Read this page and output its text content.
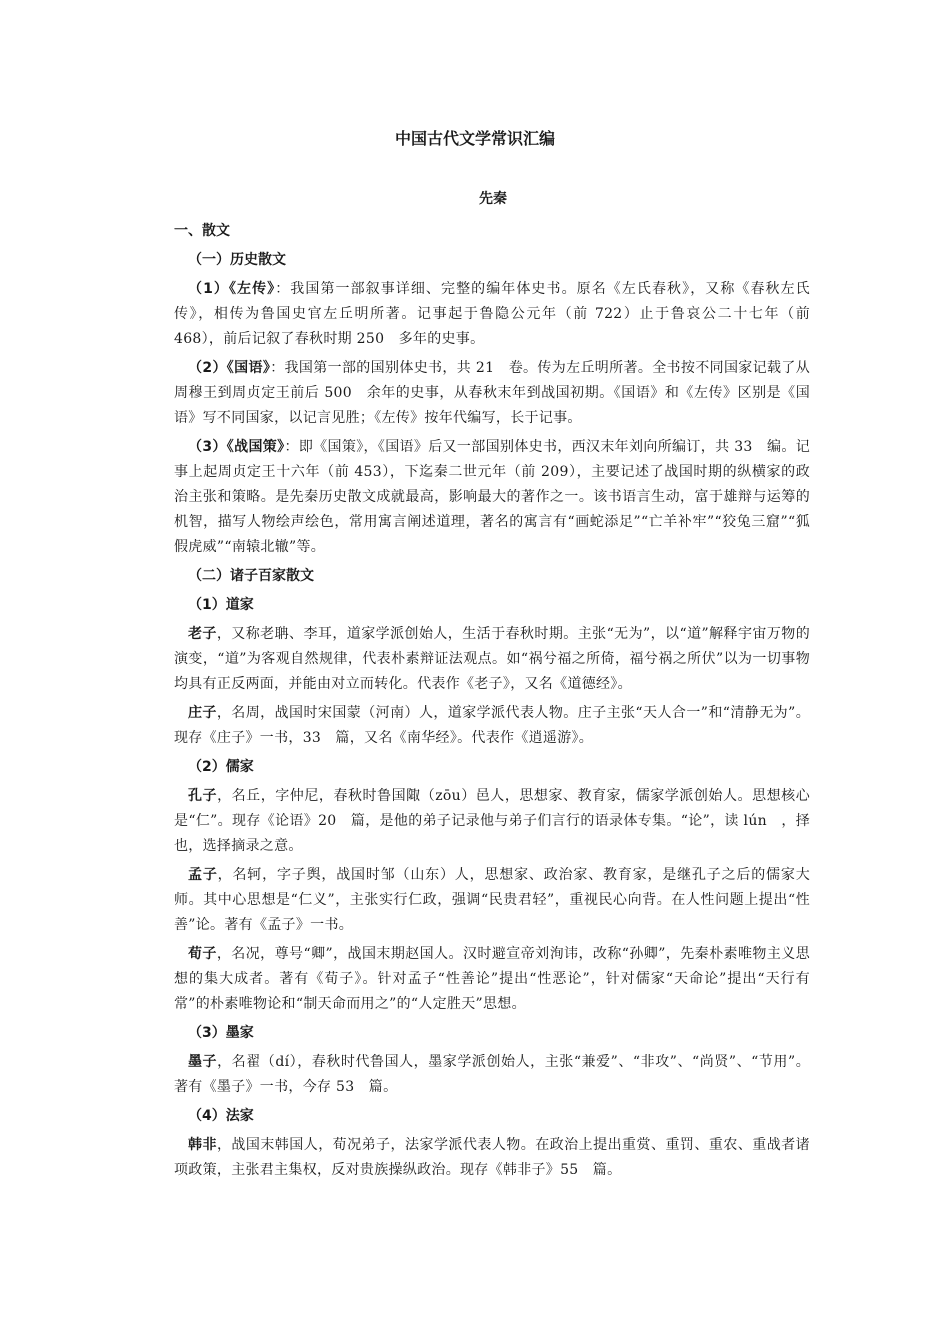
中国古代文学常识汇编
先秦
一、散文
（一）历史散文

（1）《左传》：我国第一部叙事详细、完整的编年体史书。原名《左氏春秋》，又称《春秋左氏传》，相传为鲁国史官左丘明所著。记事起于鲁隐公元年（前 722）止于鲁哀公二十七年（前 468），前后记叙了春秋时期 250　多年的史事。

（2）《国语》：我国第一部的国别体史书，共 21　卷。传为左丘明所著。全书按不同国家记载了从周穆王到周贞定王前后 500　余年的史事，从春秋末年到战国初期。《国语》和《左传》区别是《国语》写不同国家，以记言见胜；《左传》按年代编写，长于记事。

（3）《战国策》：即《国策》，《国语》后又一部国别体史书，西汉末年刘向所编订，共 33　编。记事上起周贞定王十六年（前 453），下迄秦二世元年（前 209），主要记述了战国时期的纵横家的政治主张和策略。是先秦历史散文成就最高，影响最大的著作之一。该书语言生动，富于雄辩与运筹的机智，描写人物绘声绘色，常用寓言阐述道理，著名的寓言有“画蛇添足”“亡羊补牢”“狡兔三窟”“狐假虎威”“南辕北辙”等。

（二）诸子百家散文
（1）道家

老子，又称老聃、李耳，道家学派创始人，生活于春秋时期。主张“无为”，以“道”解释宇宙万物的演变，“道”为客观自然规律，代表朴素辩证法观点。如“祸兮福之所倚，福兮祸之所伏”以为一切事物均具有正反两面，并能由对立而转化。代表作《老子》，又名《道德经》。

庄子，名周，战国时宋国蒙（河南）人，道家学派代表人物。庄子主张“天人合一”和“清静无为”。现存《庄子》一书，33　篇，又名《南华经》。代表作《逍遥游》。

（2）儒家

孔子，名丘，字仲尼，春秋时鲁国陬（zōu）邑人，思想家、教育家，儒家学派创始人。思想核心是“仁”。现存《论语》20　篇，是他的弟子记录他与弟子们言行的语录体专集。“论”，读 lún　，择也，选择摘录之意。

孟子，名轲，字子舆，战国时邹（山东）人，思想家、政治家、教育家，是继孔子之后的儒家大师。其中心思想是“仁义”，主张实行仁政，强调“民贵君轻”，重视民心向背。在人性问题上提出“性善”论。著有《孟子》一书。

荀子，名况，尊号“卿”，战国末期赵国人。汉时避宣帝刘洵讳，改称“孙卿”，先秦朴素唯物主义思想的集大成者。著有《荀子》。针对孟子“性善论”提出“性恶论”，针对儒家“天命论”提出“天行有常”的朴素唯物论和“制天命而用之”的“人定胜天”思想。

（3）墨家

墨子，名翟（dí），春秋时代鲁国人，墨家学派创始人，主张“兼爱”、“非攻”、“尚贤”、“节用”。著有《墨子》一书，今存 53　篇。

（4）法家

韩非，战国末韩国人，荀况弟子，法家学派代表人物。在政治上提出重赏、重罚、重农、重战者诸项政策，主张君主集权，反对贵族操纵政治。现存《韩非子》55　篇。
